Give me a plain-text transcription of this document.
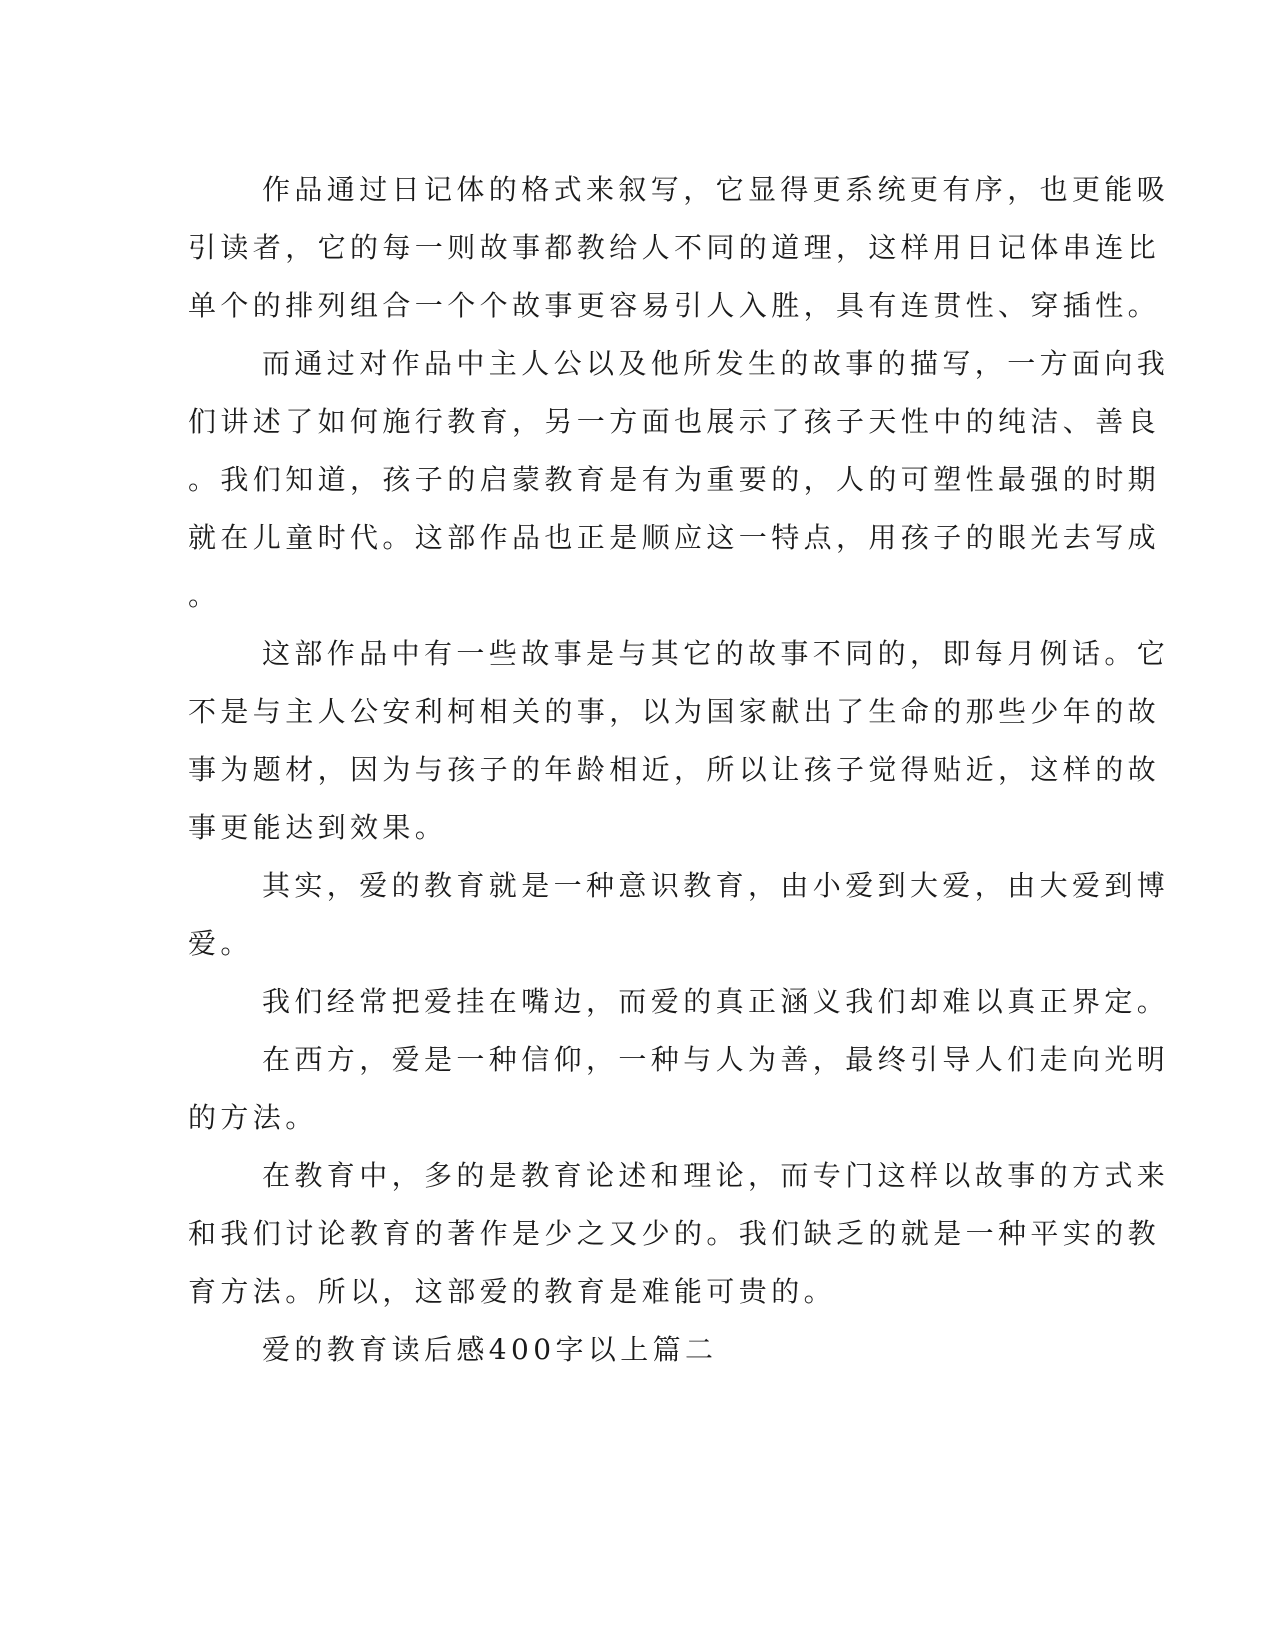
作品通过日记体的格式来叙写，它显得更系统更有序，也更能吸
引读者，它的每一则故事都教给人不同的道理，这样用日记体串连比
单个的排列组合一个个故事更容易引人入胜，具有连贯性、穿插性。
而通过对作品中主人公以及他所发生的故事的描写，一方面向我
们讲述了如何施行教育，另一方面也展示了孩子天性中的纯洁、善良
。我们知道，孩子的启蒙教育是有为重要的，人的可塑性最强的时期
就在儿童时代。这部作品也正是顺应这一特点，用孩子的眼光去写成
。
这部作品中有一些故事是与其它的故事不同的，即每月例话。它
不是与主人公安利柯相关的事，以为国家献出了生命的那些少年的故
事为题材，因为与孩子的年龄相近，所以让孩子觉得贴近，这样的故
事更能达到效果。
其实，爱的教育就是一种意识教育，由小爱到大爱，由大爱到博
爱。
我们经常把爱挂在嘴边，而爱的真正涵义我们却难以真正界定。
在西方，爱是一种信仰，一种与人为善，最终引导人们走向光明
的方法。
在教育中，多的是教育论述和理论，而专门这样以故事的方式来
和我们讨论教育的著作是少之又少的。我们缺乏的就是一种平实的教
育方法。所以，这部爱的教育是难能可贵的。
爱的教育读后感400字以上篇二
